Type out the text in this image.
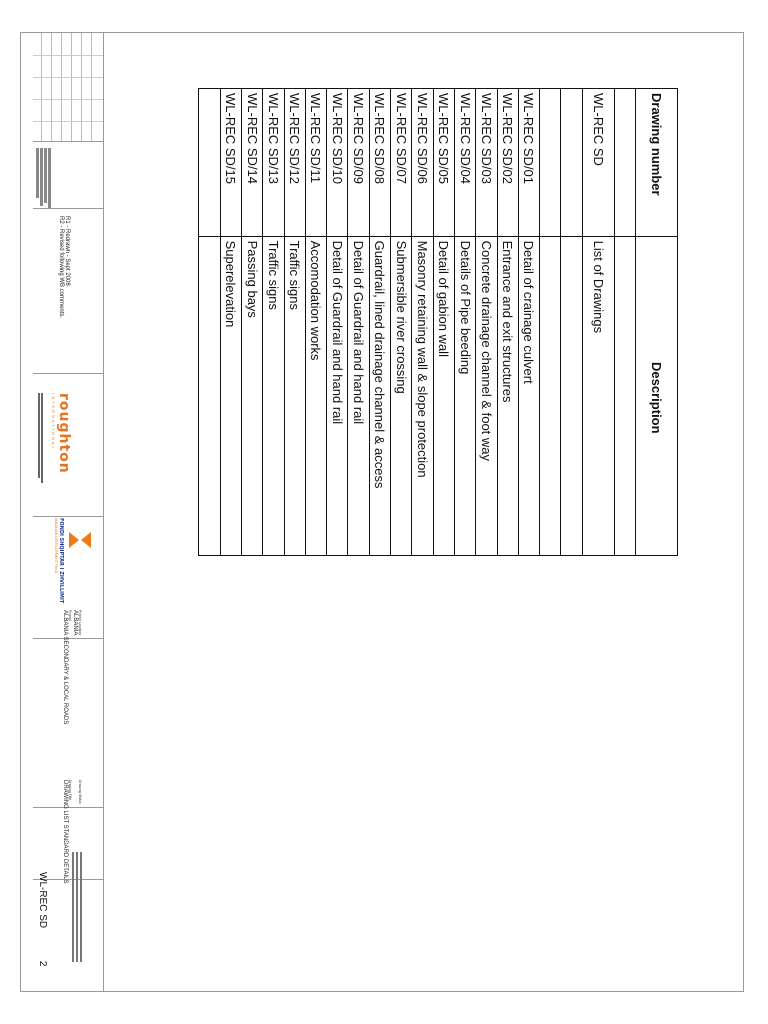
R1 - Redrawn - Sept 2008
R2 - Revised following WB comments.
roughton
INTERNATIONAL
FONDI SHQIPTAR I ZHVILLIMIT
ALBANIAN DEVELOPMENT FUND
Project Location
ALBANIA
Project
ALBANIA SECONDARY & LOCAL ROADS
Drawing Status
Drawing Title
DRAWING LIST STANDARD DETAILS
WL-REC SD 2
Drawing number	Description

WL-REC SD	List of Drawings

WL-REC SD/01	Detail of crainage culvert
WL-REC SD/02	Entrance and exit structures
WL-REC SD/03	Concrete drainage channel & foot way
WL-REC SD/04	Details of Pipe beeding
WL-REC SD/05	Detail of gabion wall
WL-REC SD/06	Masonry retaining wall & slope protection
WL-REC SD/07	Submersible river crossing
WL-REC SD/08	Guardrail, lined drainage channel & access
WL-REC SD/09	Detail of Guardrail and hand rail
WL-REC SD/10	Detail of Guardrail and hand rail
WL-REC SD/11	Accomodation works
WL-REC SD/12	Traffic signs
WL-REC SD/13	Traffic signs
WL-REC SD/14	Passing bays
WL-REC SD/15	Superelevation
